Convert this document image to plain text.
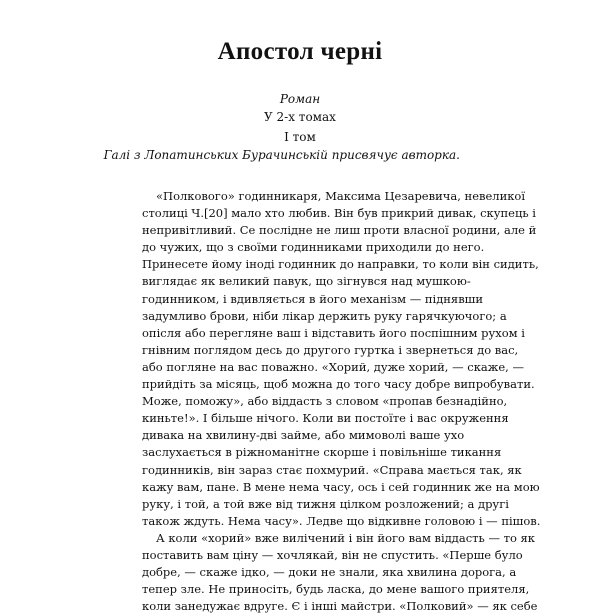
Апостол черні
Роман
У 2-х томах
І том
Галі з Лопатинських Бурачинській присвячує авторка.
«Полкового» годинникаря, Максима Цезаревича, невеликої
столиці Ч.[20] мало хто любив. Він був прикрий дивак, скупець і
непривітливий. Се послідне не лиш проти власної родини, але й
до чужих, що з своїми годинниками приходили до него.
Принесете йому іноді годинник до направки, то коли він сидить,
виглядає як великий павук, що зігнувся над мушкою-
годинником, і вдивляється в його механізм — піднявши
задумливо брови, ніби лікар держить руку гарячкуючого; а
опісля або перегляне ваш і відставить його поспішним рухом і
гнівним поглядом десь до другого гуртка і звернеться до вас,
або погляне на вас поважно. «Хорий, дуже хорий, — скаже, —
прийдіть за місяць, щоб можна до того часу добре випробувати.
Може, поможу», або віддасть з словом «пропав безнадійно,
киньте!». І більше нічого. Коли ви постоїте і вас окруження
дивака на хвилину-дві займе, або мимоволі ваше ухо
заслухається в ріжноманітне скорше і повільніше тикання
годинників, він зараз стає похмурий. «Справа мається так, як
кажу вам, пане. В мене нема часу, ось і сей годинник же на мою
руку, і той, а той вже від тижня цілком розложений; а другі
також ждуть. Нема часу». Ледве що відкивне головою і — пішов.
А коли «хорий» вже вилічений і він його вам віддасть — то як
поставить вам ціну — хочлякай, він не спустить. «Перше було
добре, — скаже ідко, — доки не знали, яка хвилина дорога, а
тепер зле. Не приносіть, будь ласка, до мене вашого приятеля,
коли занедужає вдруге. Є і інші майстри. «Полковий» — як себе
